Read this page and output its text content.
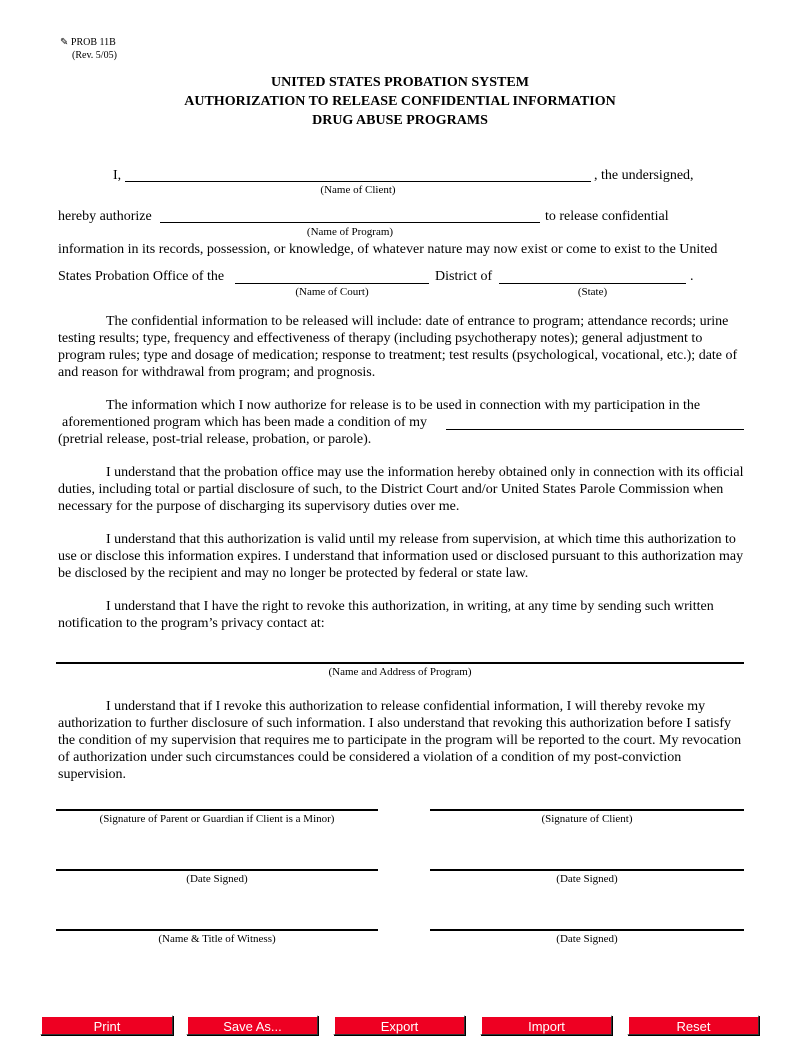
✎ PROB 11B
(Rev. 5/05)
UNITED STATES PROBATION SYSTEM
AUTHORIZATION TO RELEASE CONFIDENTIAL INFORMATION
DRUG ABUSE PROGRAMS
I,	, the undersigned,
(Name of Client)
hereby authorize	to release confidential
(Name of Program)
information in its records, possession, or knowledge, of whatever nature may now exist or come to exist to the United
States Probation Office of the	District of	.
(Name of Court)	(State)
The confidential information to be released will include: date of entrance to program; attendance records; urine testing results; type, frequency and effectiveness of therapy (including psychotherapy notes); general adjustment to program rules; type and dosage of medication; response to treatment; test results (psychological, vocational, etc.); date of and reason for withdrawal from program; and prognosis.
The information which I now authorize for release is to be used in connection with my participation in the
aforementioned program which has been made a condition of my
(pretrial release, post-trial release, probation, or parole).
I understand that the probation office may use the information hereby obtained only in connection with its official duties, including total or partial disclosure of such, to the District Court and/or United States Parole Commission when necessary for the purpose of discharging its supervisory duties over me.
I understand that this authorization is valid until my release from supervision, at which time this authorization to use or disclose this information expires. I understand that information used or disclosed pursuant to this authorization may be disclosed by the recipient and may no longer be protected by federal or state law.
I understand that I have the right to revoke this authorization, in writing, at any time by sending such written notification to the program’s privacy contact at:
(Name and Address of Program)
I understand that if I revoke this authorization to release confidential information, I will thereby revoke my authorization to further disclosure of such information. I also understand that revoking this authorization before I satisfy the condition of my supervision that requires me to participate in the program will be reported to the court. My revocation of authorization under such circumstances could be considered a violation of a condition of my post-conviction supervision.
(Signature of Parent or Guardian if Client is a Minor)	(Signature of Client)
(Date Signed)	(Date Signed)
(Name & Title of Witness)	(Date Signed)
Print	Save As...	Export	Import	Reset
